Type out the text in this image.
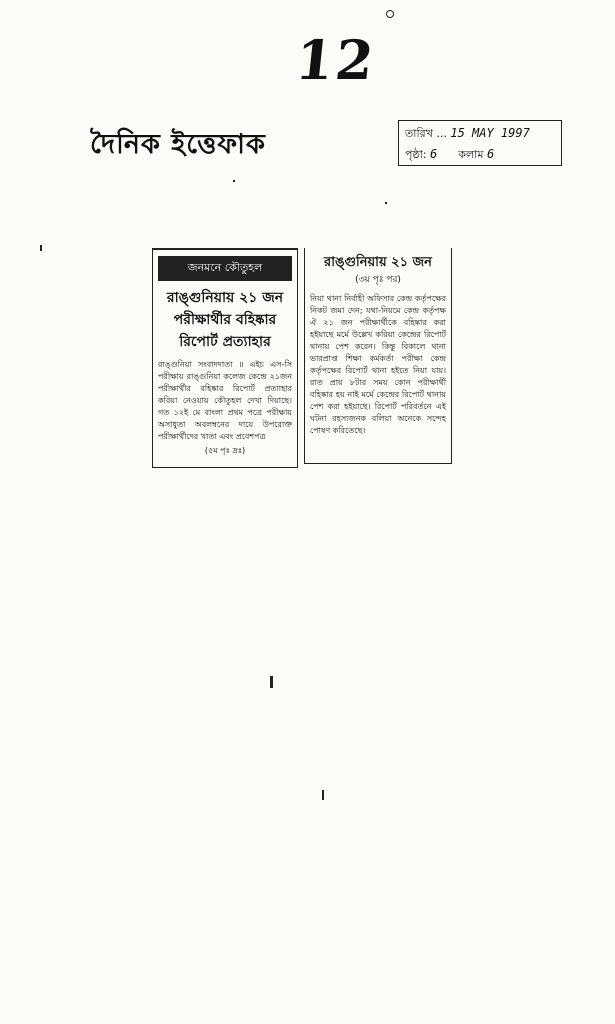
12
দৈনিক ইত্তেফাক	তারিখ ... 15 MAY 1997
পৃষ্ঠা: 6 কলাম 6
জনমনে কৌতুহল
রাঙ্গুনিয়ায় ২১ জন পরীক্ষার্থীর বহিষ্কার রিপোর্ট প্রত্যাহার
রাঙ্গুনিয়া সংবাদদাতা ॥ এইচ এস-সি পরীক্ষায় রাঙ্গুনিয়া কলেজ কেন্দ্রে ২১জন পরীক্ষার্থীর বহিষ্কার রিপোর্ট প্রত্যাহার করিয়া নেওয়ায় কৌতুহল দেখা দিয়াছে। গত ১২ই মে বাংলা প্রথম পত্রে পরীক্ষায় অসাধুতা অবলম্বনের দায়ে উপরোক্ত পরীক্ষার্থীদের খাতা এবং প্রবেশপত্র
(৫ম পৃঃ দ্রঃ)
রাঙ্গুনিয়ায় ২১ জন
(৩য় পৃঃ পর)
নিয়া থানা নির্বাহী অফিসার কেন্দ্র কর্তৃপক্ষের নিকট জমা দেন; যথা-নিয়মে কেন্দ্র কর্তৃপক্ষ ঐ ২১ জন পরীক্ষার্থীকে বহিষ্কার করা হইয়াছে মর্মে উল্লেখ করিয়া কেন্দ্রের রিপোর্ট থানায় পেশ করেন। কিন্তু বিকালে থানা ভারপ্রাপ্ত শিক্ষা কর্মকর্তা পরীক্ষা কেন্দ্র কর্তৃপক্ষের রিপোর্ট থানা হইতে নিয়া যায়। রাত প্রায় ৮টার সময় কোন পরীক্ষার্থী বহিষ্কার হয় নাই মর্মে কেন্দ্রের রিপোর্ট থানায় পেশ করা হইয়াছে। রিপোর্ট পরিবর্তনে এই ঘটনা রহস্যজনক বলিয়া অনেকে সন্দেহ পোষণ করিতেছে।
